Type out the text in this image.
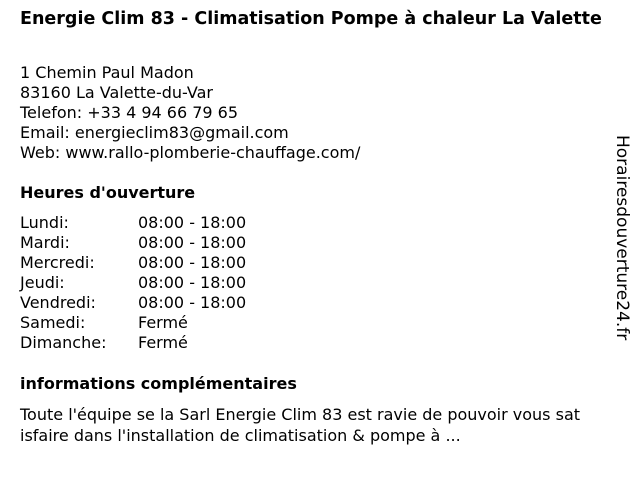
Energie Clim 83 - Climatisation Pompe à chaleur La Valette
1 Chemin Paul Madon
83160 La Valette-du-Var
Telefon: +33 4 94 66 79 65
Email: energieclim83@gmail.com
Web: www.rallo-plomberie-chauffage.com/
Heures d'ouverture
Lundi:	08:00 - 18:00
Mardi:	08:00 - 18:00
Mercredi:	08:00 - 18:00
Jeudi:	08:00 - 18:00
Vendredi:	08:00 - 18:00
Samedi:	Fermé
Dimanche: Fermé
informations complémentaires

Toute l'équipe se la Sarl Energie Clim 83 est ravie de pouvoir vous satisfaire dans l'installation de climatisation & pompe à ...

Horairesdouverture24.fr
